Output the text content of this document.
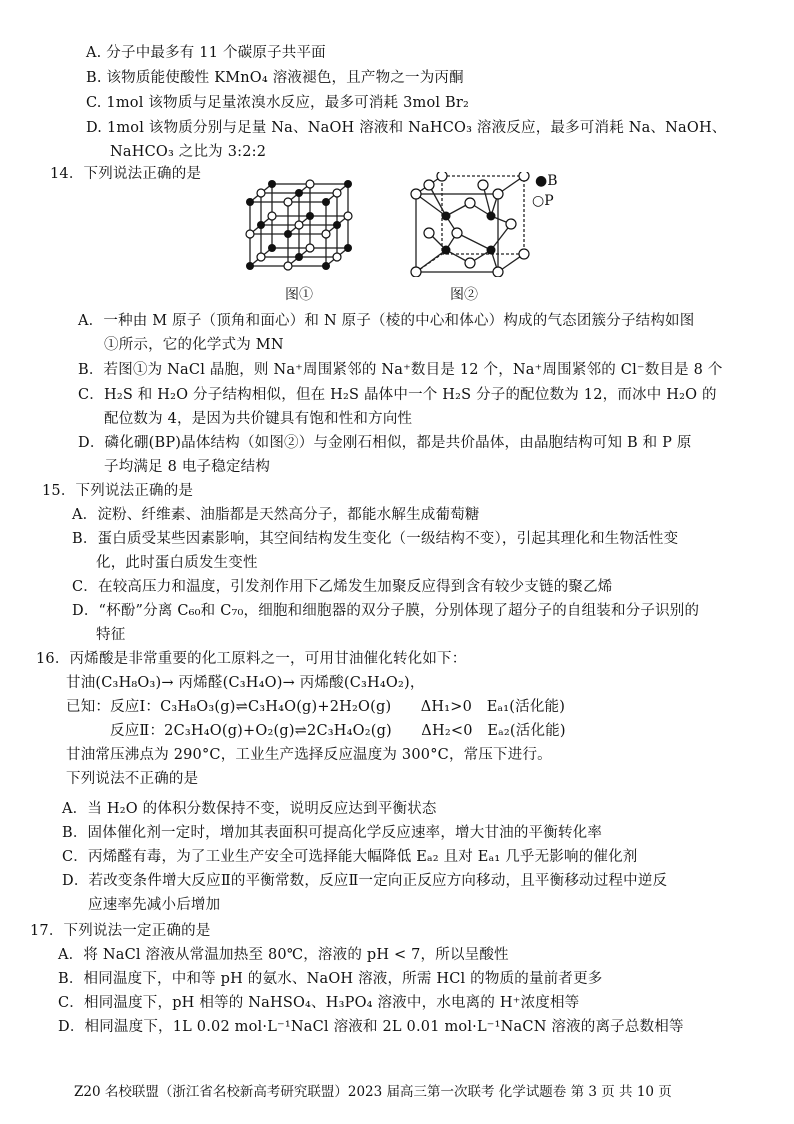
A. 分子中最多有 11 个碳原子共平面
B. 该物质能使酸性 KMnO₄ 溶液褪色，且产物之一为丙酮
C. 1mol 该物质与足量浓溴水反应，最多可消耗 3mol Br₂
D. 1mol 该物质分别与足量 Na、NaOH 溶液和 NaHCO₃ 溶液反应，最多可消耗 Na、NaOH、
NaHCO₃ 之比为 3:2:2
14．下列说法正确的是	●B
○P
图①	图②
A．一种由 M 原子（顶角和面心）和 N 原子（棱的中心和体心）构成的气态团簇分子结构如图
①所示，它的化学式为 MN
B．若图①为 NaCl 晶胞，则 Na⁺周围紧邻的 Na⁺数目是 12 个，Na⁺周围紧邻的 Cl⁻数目是 8 个
C．H₂S 和 H₂O 分子结构相似，但在 H₂S 晶体中一个 H₂S 分子的配位数为 12，而冰中 H₂O 的
配位数为 4，是因为共价键具有饱和性和方向性
D．磷化硼(BP)晶体结构（如图②）与金刚石相似，都是共价晶体，由晶胞结构可知 B 和 P 原
子均满足 8 电子稳定结构
15．下列说法正确的是
A．淀粉、纤维素、油脂都是天然高分子，都能水解生成葡萄糖
B．蛋白质受某些因素影响，其空间结构发生变化（一级结构不变），引起其理化和生物活性变
化，此时蛋白质发生变性
C．在较高压力和温度，引发剂作用下乙烯发生加聚反应得到含有较少支链的聚乙烯
D．“杯酚”分离 C₆₀和 C₇₀，细胞和细胞器的双分子膜，分别体现了超分子的自组装和分子识别的
特征
16．丙烯酸是非常重要的化工原料之一，可用甘油催化转化如下：
甘油(C₃H₈O₃)→ 丙烯醛(C₃H₄O)→ 丙烯酸(C₃H₄O₂)，
已知：反应Ⅰ：C₃H₈O₃(g)⇌C₃H₄O(g)+2H₂O(g)　　ΔH₁>0　Eₐ₁(活化能)
反应Ⅱ：2C₃H₄O(g)+O₂(g)⇌2C₃H₄O₂(g)　　ΔH₂<0　Eₐ₂(活化能)
甘油常压沸点为 290°C，工业生产选择反应温度为 300°C，常压下进行。
下列说法不正确的是
A．当 H₂O 的体积分数保持不变，说明反应达到平衡状态
B．固体催化剂一定时，增加其表面积可提高化学反应速率，增大甘油的平衡转化率
C．丙烯醛有毒，为了工业生产安全可选择能大幅降低 Eₐ₂ 且对 Eₐ₁ 几乎无影响的催化剂
D．若改变条件增大反应Ⅱ的平衡常数，反应Ⅱ一定向正反应方向移动，且平衡移动过程中逆反
应速率先减小后增加
17．下列说法一定正确的是
A．将 NaCl 溶液从常温加热至 80℃，溶液的 pH < 7，所以呈酸性
B．相同温度下，中和等 pH 的氨水、NaOH 溶液，所需 HCl 的物质的量前者更多
C．相同温度下，pH 相等的 NaHSO₄、H₃PO₄ 溶液中，水电离的 H⁺浓度相等
D．相同温度下，1L 0.02 mol·L⁻¹NaCl 溶液和 2L 0.01 mol·L⁻¹NaCN 溶液的离子总数相等
Z20 名校联盟（浙江省名校新高考研究联盟）2023 届高三第一次联考 化学试题卷 第 3 页 共 10 页
